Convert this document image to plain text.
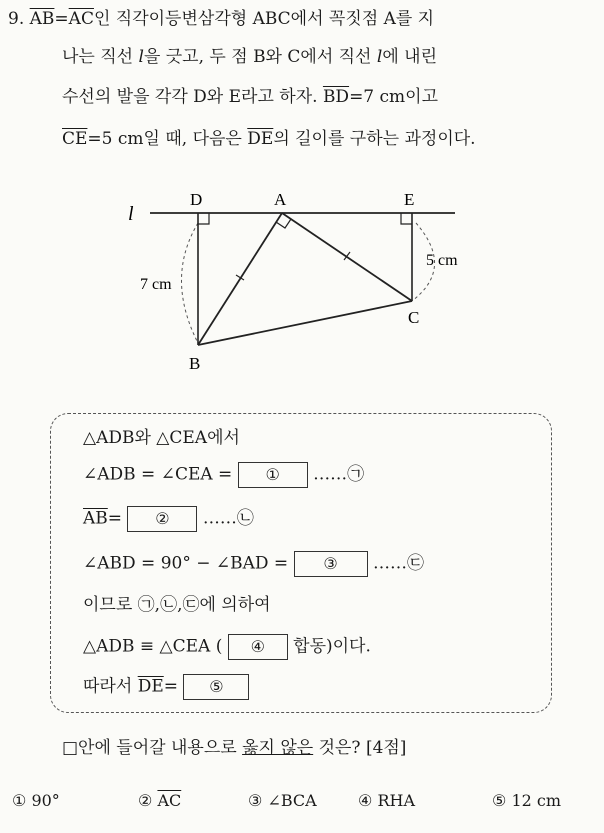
9. $\overline{AB}=\overline{AC}$인 직각이등변삼각형 ABC에서 꼭짓점 A를 지
나는 직선 l을 긋고, 두 점 B와 C에서 직선 l에 내린
수선의 발을 각각 D와 E라고 하자. $\overline{BD}=7$ cm이고
$\overline{CE}=5$ cm일 때, 다음은 $\overline{DE}$의 길이를 구하는 과정이다.
l
D	A	E
B
C
7 cm
5 cm
△ADB와 △CEA에서
∠ADB = ∠CEA = ① ……㉠
$\overline{AB}=$ ② ……㉡
∠ABD = 90° − ∠BAD = ③ ……㉢
이므로 ㉠,㉡,㉢에 의하여
△ADB ≡ △CEA ( ④ 합동)이다.
따라서 $\overline{DE}=$ ⑤
□안에 들어갈 내용으로 옳지 않은 것은? [4점]
① 90°	② $\overline{AC}$	③ ∠BCA	④ RHA	⑤ 12 cm
